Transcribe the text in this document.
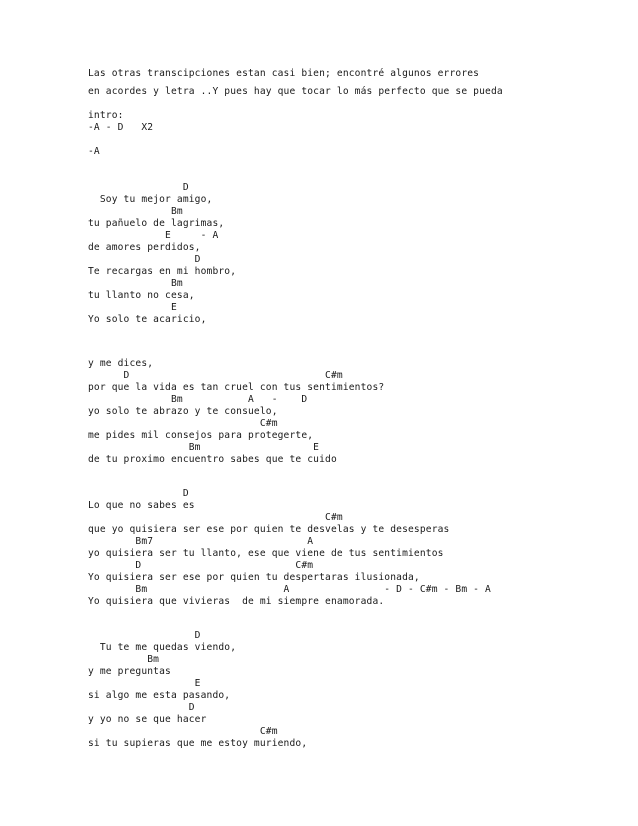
Las otras transcipciones estan casi bien; encontré algunos errores

en acordes y letra ..Y pues hay que tocar lo más perfecto que se pueda

intro:

-A - D   X2

-A

D

Soy tu mejor amigo,

Bm

tu pañuelo de lagrimas,

E     - A

de amores perdidos,

D

Te recargas en mi hombro,

Bm

tu llanto no cesa,

E

Yo solo te acaricio,

y me dices,

D                                 C#m

por que la vida es tan cruel con tus sentimientos?

Bm           A   -    D

yo solo te abrazo y te consuelo,

C#m

me pides mil consejos para protegerte,

Bm                   E

de tu proximo encuentro sabes que te cuido

D

Lo que no sabes es

C#m

que yo quisiera ser ese por quien te desvelas y te desesperas

Bm7                          A

yo quisiera ser tu llanto, ese que viene de tus sentimientos

D                          C#m

Yo quisiera ser ese por quien tu despertaras ilusionada,

Bm                       A                - D - C#m - Bm - A

Yo quisiera que vivieras  de mi siempre enamorada.

D

Tu te me quedas viendo,

Bm

y me preguntas

E

si algo me esta pasando,

D

y yo no se que hacer

C#m

si tu supieras que me estoy muriendo,
